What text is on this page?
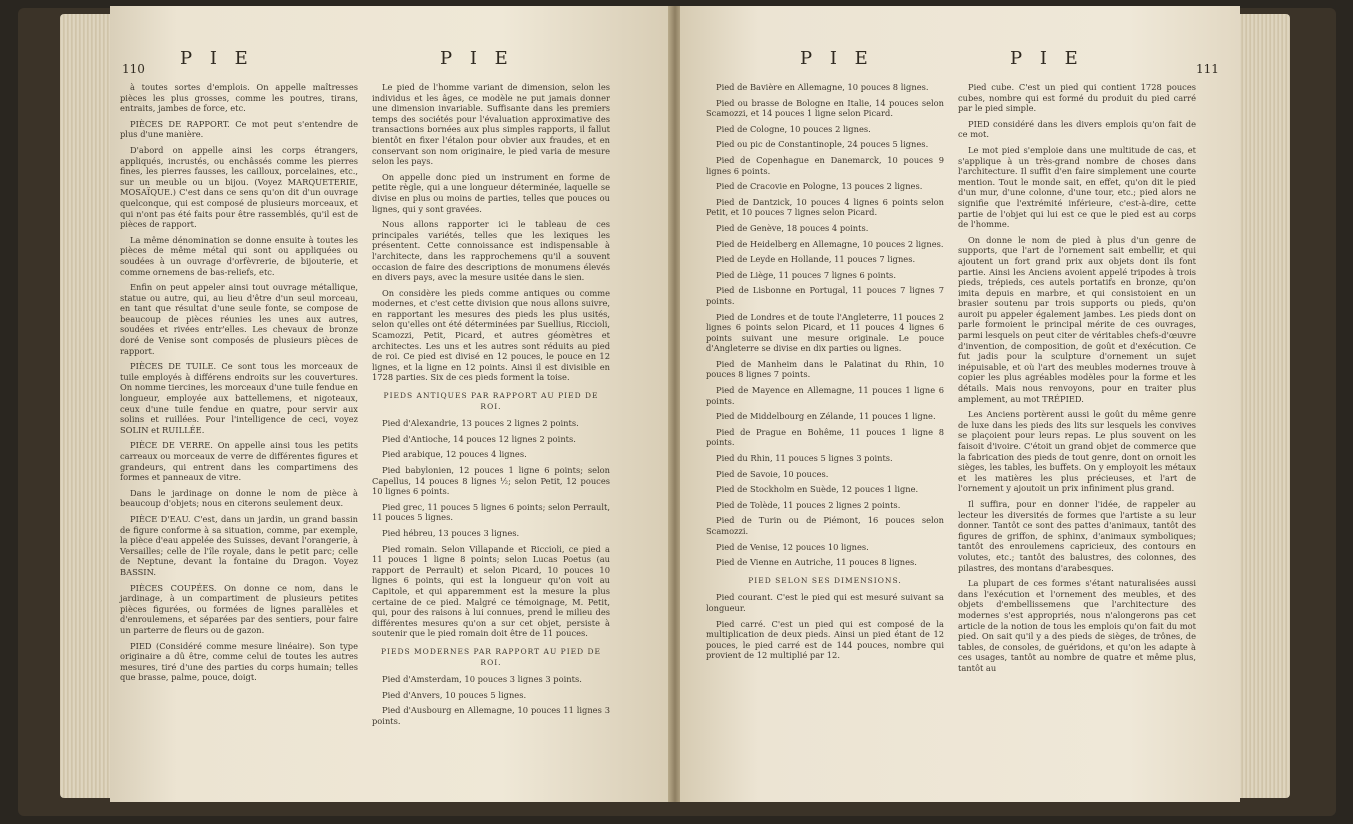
110 P I E	P I E

à toutes sortes d'emplois. On appelle maîtresses pièces les plus grosses, comme les poutres, tirans, entraits, jambes de force, etc.

PIÈCES DE RAPPORT. Ce mot peut s'entendre de plus d'une manière.

D'abord on appelle ainsi les corps étrangers, appliqués, incrustés, ou enchâssés comme les pierres fines, les pierres fausses, les cailloux, porcelaines, etc., sur un meuble ou un bijou. (Voyez MARQUETERIE, MOSAÏQUE.) C'est dans ce sens qu'on dit d'un ouvrage quelconque, qui est composé de plusieurs morceaux, et qui n'ont pas été faits pour être rassemblés, qu'il est de pièces de rapport.

La même dénomination se donne ensuite à toutes les pièces de même métal qui sont ou appliquées ou soudées à un ouvrage d'orfèvrerie, de bijouterie, et comme ornemens de bas-reliefs, etc.

Enfin on peut appeler ainsi tout ouvrage métallique, statue ou autre, qui, au lieu d'être d'un seul morceau, en tant que résultat d'une seule fonte, se compose de beaucoup de pièces réunies les unes aux autres, soudées et rivées entr'elles. Les chevaux de bronze doré de Venise sont composés de plusieurs pièces de rapport.

PIÈCES DE TUILE. Ce sont tous les morceaux de tuile employés à différens endroits sur les couvertures. On nomme tiercines, les morceaux d'une tuile fendue en longueur, employée aux battellemens, et nigoteaux, ceux d'une tuile fendue en quatre, pour servir aux solins et ruillées. Pour l'intelligence de ceci, voyez SOLIN et RUILLÉE.

PIÈCE DE VERRE. On appelle ainsi tous les petits carreaux ou morceaux de verre de différentes figures et grandeurs, qui entrent dans les compartimens des formes et panneaux de vitre.

Dans le jardinage on donne le nom de pièce à beaucoup d'objets; nous en citerons seulement deux.

PIÈCE D'EAU. C'est, dans un jardin, un grand bassin de figure conforme à sa situation, comme, par exemple, la pièce d'eau appelée des Suisses, devant l'orangerie, à Versailles; celle de l'île royale, dans le petit parc; celle de Neptune, devant la fontaine du Dragon. Voyez BASSIN.

PIÈCES COUPÉES. On donne ce nom, dans le jardinage, à un compartiment de plusieurs petites pièces figurées, ou formées de lignes parallèles et d'enroulemens, et séparées par des sentiers, pour faire un parterre de fleurs ou de gazon.

PIED (Considéré comme mesure linéaire). Son type originaire a dû être, comme celui de toutes les autres mesures, tiré d'une des parties du corps humain; telles que brasse, palme, pouce, doigt.

Le pied de l'homme variant de dimension, selon les individus et les âges, ce modèle ne put jamais donner une dimension invariable. Suffisante dans les premiers temps des sociétés pour l'évaluation approximative des transactions bornées aux plus simples rapports, il fallut bientôt en fixer l'étalon pour obvier aux fraudes, et en conservant son nom originaire, le pied varia de mesure selon les pays.

On appelle donc pied un instrument en forme de petite règle, qui a une longueur déterminée, laquelle se divise en plus ou moins de parties, telles que pouces ou lignes, qui y sont gravées.

Nous allons rapporter ici le tableau de ces principales variétés, telles que les lexiques les présentent. Cette connoissance est indispensable à l'architecte, dans les rapprochemens qu'il a souvent occasion de faire des descriptions de monumens élevés en divers pays, avec la mesure usitée dans le sien.

On considère les pieds comme antiques ou comme modernes, et c'est cette division que nous allons suivre, en rapportant les mesures des pieds les plus usités, selon qu'elles ont été déterminées par Suellius, Riccioli, Scamozzi, Petit, Picard, et autres géomètres et architectes. Les uns et les autres sont réduits au pied de roi. Ce pied est divisé en 12 pouces, le pouce en 12 lignes, et la ligne en 12 points. Ainsi il est divisible en 1728 parties. Six de ces pieds forment la toise.

PIEDS ANTIQUES PAR RAPPORT AU PIED DE ROI.

Pied d'Alexandrie, 13 pouces 2 lignes 2 points.

Pied d'Antioche, 14 pouces 12 lignes 2 points.

Pied arabique, 12 pouces 4 lignes.

Pied babylonien, 12 pouces 1 ligne 6 points; selon Capellus, 14 pouces 8 lignes ½; selon Petit, 12 pouces 10 lignes 6 points.

Pied grec, 11 pouces 5 lignes 6 points; selon Perrault, 11 pouces 5 lignes.

Pied hébreu, 13 pouces 3 lignes.

Pied romain. Selon Villapande et Riccioli, ce pied a 11 pouces 1 ligne 8 points; selon Lucas Poetus (au rapport de Perrault) et selon Picard, 10 pouces 10 lignes 6 points, qui est la longueur qu'on voit au Capitole, et qui apparemment est la mesure la plus certaine de ce pied. Malgré ce témoignage, M. Petit, qui, pour des raisons à lui connues, prend le milieu des différentes mesures qu'on a sur cet objet, persiste à soutenir que le pied romain doit être de 11 pouces.

PIEDS MODERNES PAR RAPPORT AU PIED DE ROI.

Pied d'Amsterdam, 10 pouces 3 lignes 3 points.

Pied d'Anvers, 10 pouces 5 lignes.

Pied d'Ausbourg en Allemagne, 10 pouces 11 lignes 3 points.

P I E	P I E	111

Pied de Bavière en Allemagne, 10 pouces 8 lignes.

Pied ou brasse de Bologne en Italie, 14 pouces selon Scamozzi, et 14 pouces 1 ligne selon Picard.

Pied de Cologne, 10 pouces 2 lignes.

Pied ou pic de Constantinople, 24 pouces 5 lignes.

Pied de Copenhague en Danemarck, 10 pouces 9 lignes 6 points.

Pied de Cracovie en Pologne, 13 pouces 2 lignes.

Pied de Dantzick, 10 pouces 4 lignes 6 points selon Petit, et 10 pouces 7 lignes selon Picard.

Pied de Genève, 18 pouces 4 points.

Pied de Heidelberg en Allemagne, 10 pouces 2 lignes.

Pied de Leyde en Hollande, 11 pouces 7 lignes.

Pied de Liège, 11 pouces 7 lignes 6 points.

Pied de Lisbonne en Portugal, 11 pouces 7 lignes 7 points.

Pied de Londres et de toute l'Angleterre, 11 pouces 2 lignes 6 points selon Picard, et 11 pouces 4 lignes 6 points suivant une mesure originale. Le pouce d'Angleterre se divise en dix parties ou lignes.

Pied de Manheim dans le Palatinat du Rhin, 10 pouces 8 lignes 7 points.

Pied de Mayence en Allemagne, 11 pouces 1 ligne 6 points.

Pied de Middelbourg en Zélande, 11 pouces 1 ligne.

Pied de Prague en Bohême, 11 pouces 1 ligne 8 points.

Pied du Rhin, 11 pouces 5 lignes 3 points.

Pied de Savoie, 10 pouces.

Pied de Stockholm en Suède, 12 pouces 1 ligne.

Pied de Tolède, 11 pouces 2 lignes 2 points.

Pied de Turin ou de Piémont, 16 pouces selon Scamozzi.

Pied de Venise, 12 pouces 10 lignes.

Pied de Vienne en Autriche, 11 pouces 8 lignes.

PIED SELON SES DIMENSIONS.

Pied courant. C'est le pied qui est mesuré suivant sa longueur.

Pied carré. C'est un pied qui est composé de la multiplication de deux pieds. Ainsi un pied étant de 12 pouces, le pied carré est de 144 pouces, nombre qui provient de 12 multiplié par 12.

Pied cube. C'est un pied qui contient 1728 pouces cubes, nombre qui est formé du produit du pied carré par le pied simple.

PIED considéré dans les divers emplois qu'on fait de ce mot.

Le mot pied s'emploie dans une multitude de cas, et s'applique à un très-grand nombre de choses dans l'architecture. Il suffit d'en faire simplement une courte mention. Tout le monde sait, en effet, qu'on dit le pied d'un mur, d'une colonne, d'une tour, etc.; pied alors ne signifie que l'extrémité inférieure, c'est-à-dire, cette partie de l'objet qui lui est ce que le pied est au corps de l'homme.

On donne le nom de pied à plus d'un genre de supports, que l'art de l'ornement sait embellir, et qui ajoutent un fort grand prix aux objets dont ils font partie. Ainsi les Anciens avoient appelé tripodes à trois pieds, trépieds, ces autels portatifs en bronze, qu'on imita depuis en marbre, et qui consistoient en un brasier soutenu par trois supports ou pieds, qu'on auroit pu appeler également jambes. Les pieds dont on parle formoient le principal mérite de ces ouvrages, parmi lesquels on peut citer de véritables chefs-d'œuvre d'invention, de composition, de goût et d'exécution. Ce fut jadis pour la sculpture d'ornement un sujet inépuisable, et où l'art des meubles modernes trouve à copier les plus agréables modèles pour la forme et les détails. Mais nous renvoyons, pour en traiter plus amplement, au mot TRÉPIED.

Les Anciens portèrent aussi le goût du même genre de luxe dans les pieds des lits sur lesquels les convives se plaçoient pour leurs repas. Le plus souvent on les faisoit d'ivoire. C'étoit un grand objet de commerce que la fabrication des pieds de tout genre, dont on ornoit les sièges, les tables, les buffets. On y employoit les métaux et les matières les plus précieuses, et l'art de l'ornement y ajoutoit un prix infiniment plus grand.

Il suffira, pour en donner l'idée, de rappeler au lecteur les diversités de formes que l'artiste a su leur donner. Tantôt ce sont des pattes d'animaux, tantôt des figures de griffon, de sphinx, d'animaux symboliques; tantôt des enroulemens capricieux, des contours en volutes, etc.; tantôt des balustres, des colonnes, des pilastres, des montans d'arabesques.

La plupart de ces formes s'étant naturalisées aussi dans l'exécution et l'ornement des meubles, et des objets d'embellissemens que l'architecture des modernes s'est appropriés, nous n'alongerons pas cet article de la notion de tous les emplois qu'on fait du mot pied. On sait qu'il y a des pieds de sièges, de trônes, de tables, de consoles, de guéridons, et qu'on les adapte à ces usages, tantôt au nombre de quatre et même plus, tantôt au
